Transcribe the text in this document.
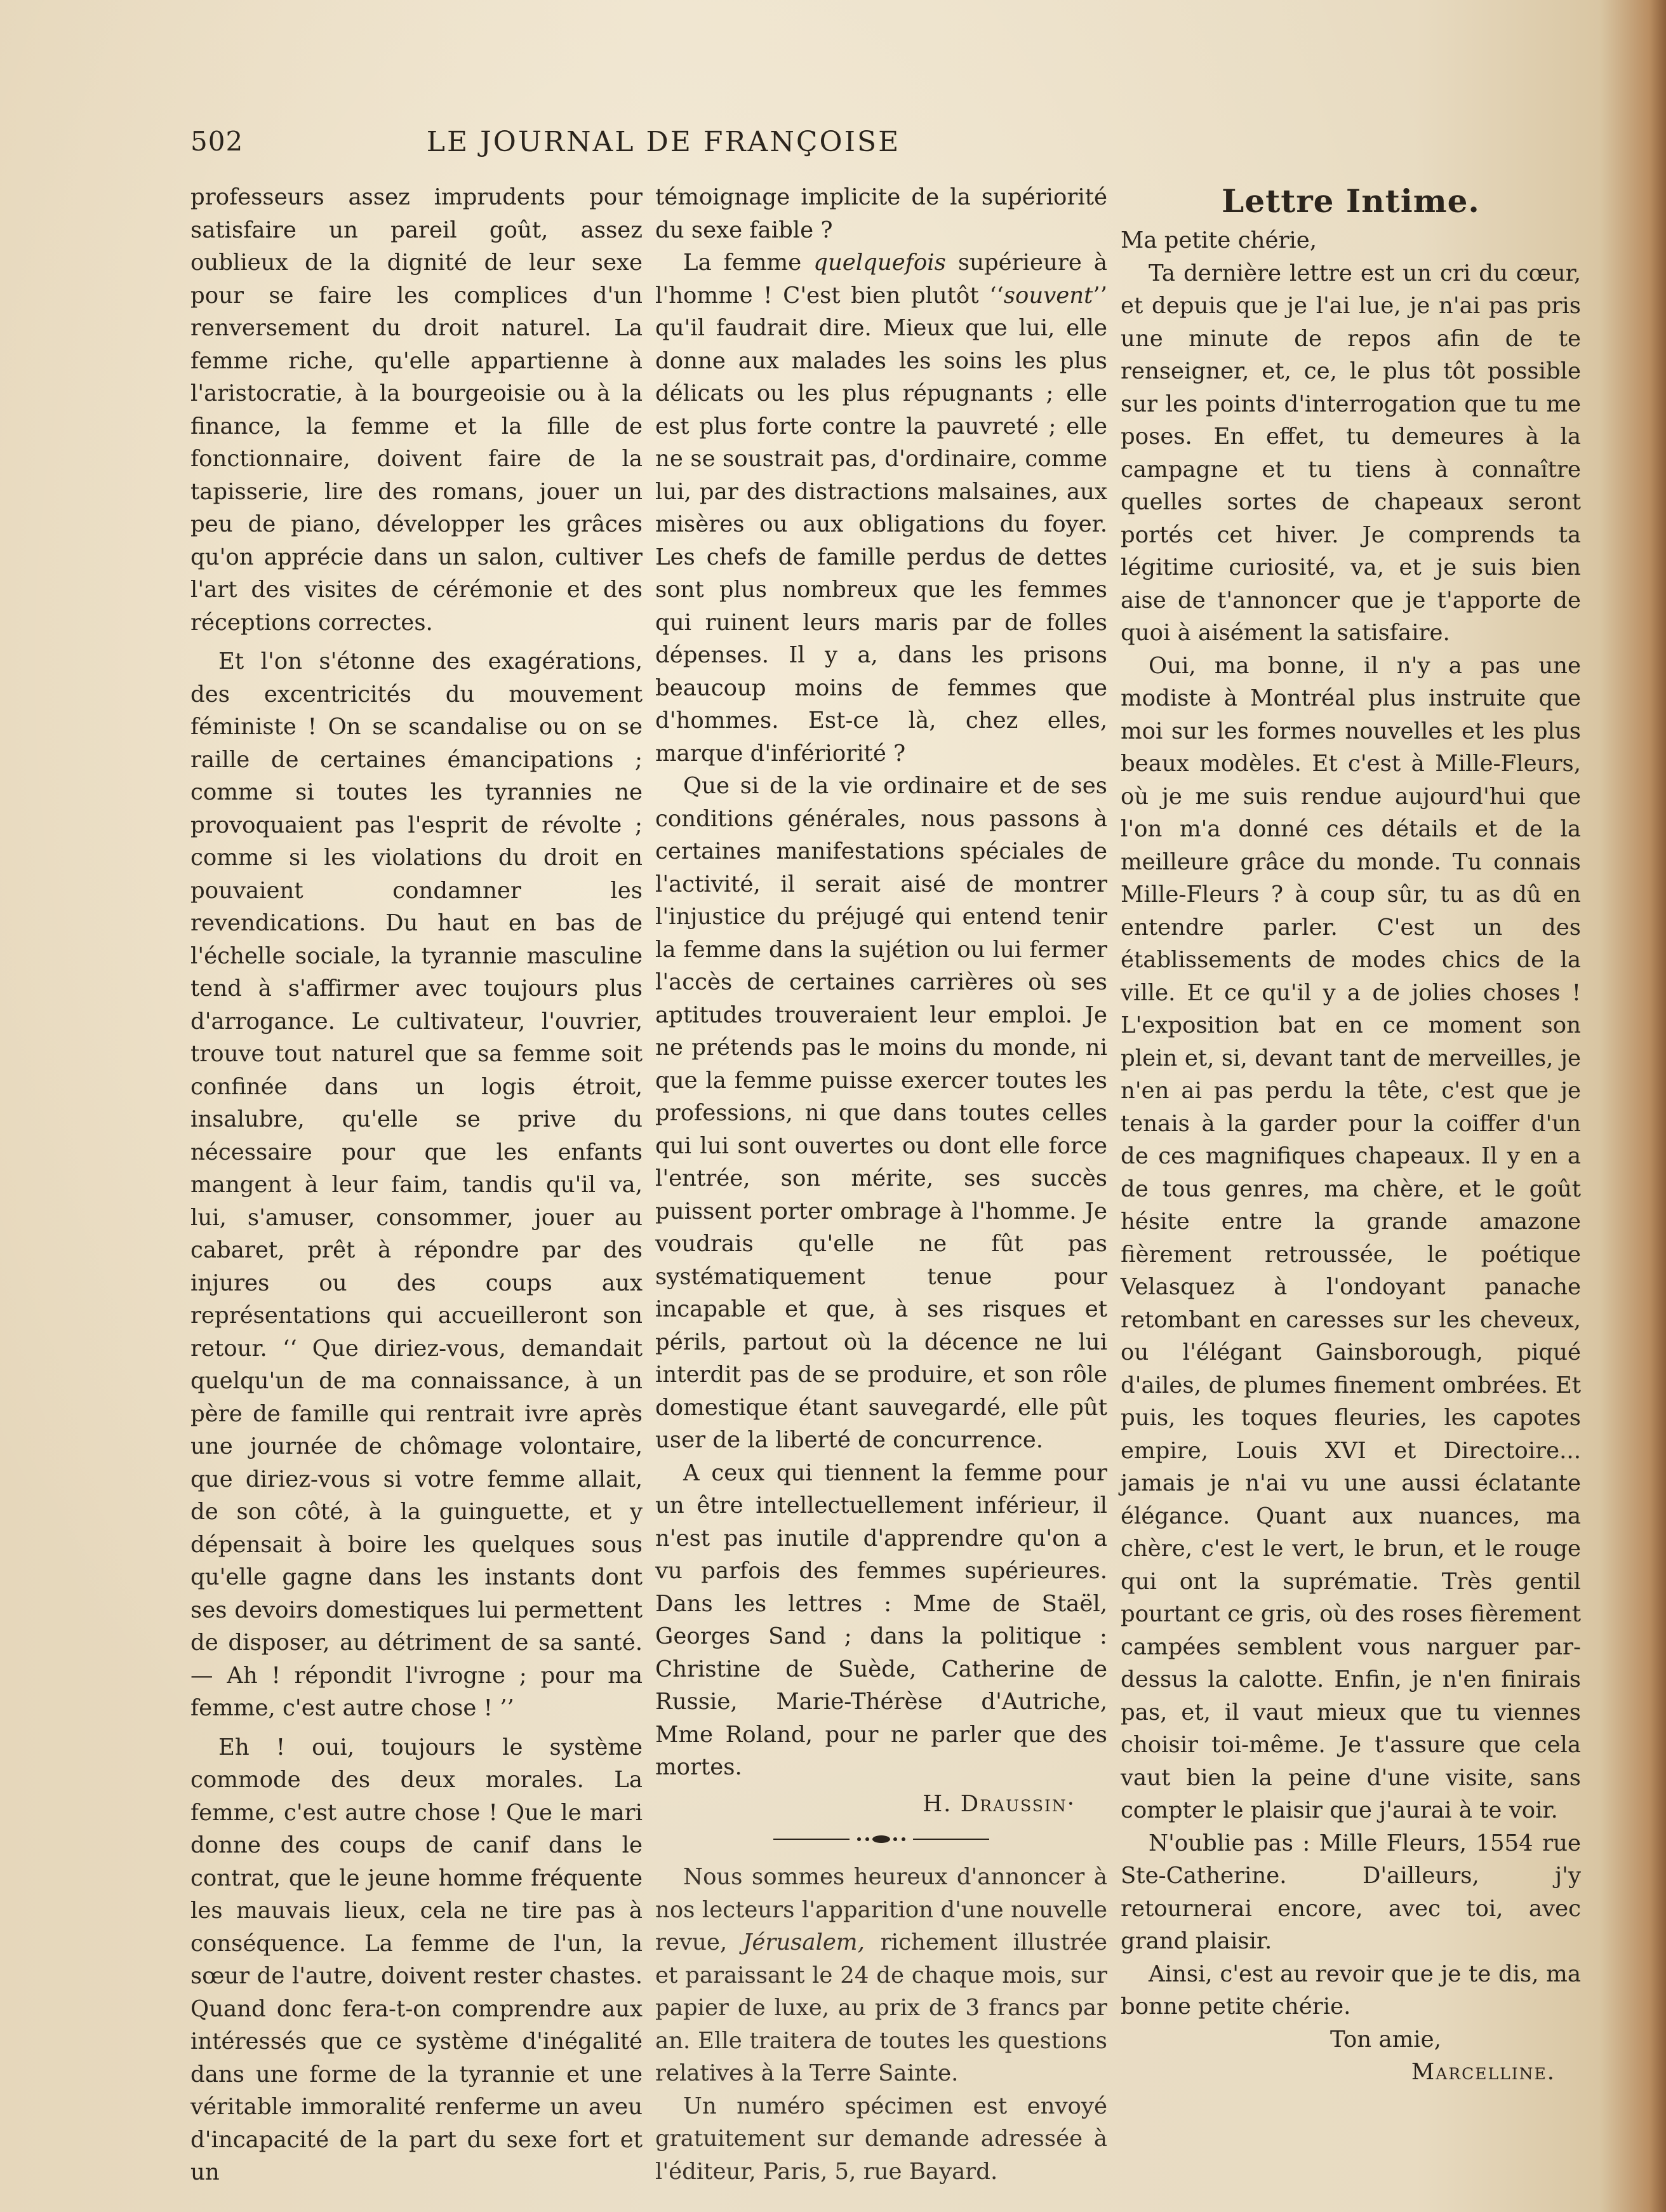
502	LE JOURNAL DE FRANÇOISE

professeurs assez imprudents pour satisfaire un pareil goût, assez oublieux de la dignité de leur sexe pour se faire les complices d'un renversement du droit naturel. La femme riche, qu'elle appartienne à l'aristocratie, à la bourgeoisie ou à la finance, la femme et la fille de fonctionnaire, doivent faire de la tapisserie, lire des romans, jouer un peu de piano, développer les grâces qu'on apprécie dans un salon, cultiver l'art des visites de cérémonie et des réceptions correctes.

Et l'on s'étonne des exagérations, des excentricités du mouvement féministe ! On se scandalise ou on se raille de certaines émancipations ; comme si toutes les tyrannies ne provoquaient pas l'esprit de révolte ; comme si les violations du droit en pouvaient condamner les revendications. Du haut en bas de l'échelle sociale, la tyrannie masculine tend à s'affirmer avec toujours plus d'arrogance. Le cultivateur, l'ouvrier, trouve tout naturel que sa femme soit confinée dans un logis étroit, insalubre, qu'elle se prive du nécessaire pour que les enfants mangent à leur faim, tandis qu'il va, lui, s'amuser, consommer, jouer au cabaret, prêt à répondre par des injures ou des coups aux représentations qui accueilleront son retour. ‘‘ Que diriez-vous, demandait quelqu'un de ma connaissance, à un père de famille qui rentrait ivre après une journée de chômage volontaire, que diriez-vous si votre femme allait, de son côté, à la guinguette, et y dépensait à boire les quelques sous qu'elle gagne dans les instants dont ses devoirs domestiques lui permettent de disposer, au détriment de sa santé. — Ah ! répondit l'ivrogne ; pour ma femme, c'est autre chose ! ’’

Eh ! oui, toujours le système commode des deux morales. La femme, c'est autre chose ! Que le mari donne des coups de canif dans le contrat, que le jeune homme fréquente les mauvais lieux, cela ne tire pas à conséquence. La femme de l'un, la sœur de l'autre, doivent rester chastes. Quand donc fera-t-on comprendre aux intéressés que ce système d'inégalité dans une forme de la tyrannie et une véritable immoralité renferme un aveu d'incapacité de la part du sexe fort et un

témoignage implicite de la supériorité du sexe faible ?

La femme quelquefois supérieure à l'homme ! C'est bien plutôt ‘‘souvent’’ qu'il faudrait dire. Mieux que lui, elle donne aux malades les soins les plus délicats ou les plus répugnants ; elle est plus forte contre la pauvreté ; elle ne se soustrait pas, d'ordinaire, comme lui, par des distractions malsaines, aux misères ou aux obligations du foyer. Les chefs de famille perdus de dettes sont plus nombreux que les femmes qui ruinent leurs maris par de folles dépenses. Il y a, dans les prisons beaucoup moins de femmes que d'hommes. Est-ce là, chez elles, marque d'infériorité ?

Que si de la vie ordinaire et de ses conditions générales, nous passons à certaines manifestations spéciales de l'activité, il serait aisé de montrer l'injustice du préjugé qui entend tenir la femme dans la sujétion ou lui fermer l'accès de certaines carrières où ses aptitudes trouveraient leur emploi. Je ne prétends pas le moins du monde, ni que la femme puisse exercer toutes les professions, ni que dans toutes celles qui lui sont ouvertes ou dont elle force l'entrée, son mérite, ses succès puissent porter ombrage à l'homme. Je voudrais qu'elle ne fût pas systématiquement tenue pour incapable et que, à ses risques et périls, partout où la décence ne lui interdit pas de se produire, et son rôle domestique étant sauvegardé, elle pût user de la liberté de concurrence.

A ceux qui tiennent la femme pour un être intellectuellement inférieur, il n'est pas inutile d'apprendre qu'on a vu parfois des femmes supérieures. Dans les lettres : Mme de Staël, Georges Sand ; dans la politique : Christine de Suède, Catherine de Russie, Marie-Thérèse d'Autriche, Mme Roland, pour ne parler que des mortes.

H. Draussin·

Nous sommes heureux d'annoncer à nos lecteurs l'apparition d'une nouvelle revue, Jérusalem, richement illustrée et paraissant le 24 de chaque mois, sur papier de luxe, au prix de 3 francs par an. Elle traitera de toutes les questions relatives à la Terre Sainte.

Un numéro spécimen est envoyé gratuitement sur demande adressée à l'éditeur, Paris, 5, rue Bayard.

Lettre Intime.

Ma petite chérie,

Ta dernière lettre est un cri du cœur, et depuis que je l'ai lue, je n'ai pas pris une minute de repos afin de te renseigner, et, ce, le plus tôt possible sur les points d'interrogation que tu me poses. En effet, tu demeures à la campagne et tu tiens à connaître quelles sortes de chapeaux seront portés cet hiver. Je comprends ta légitime curiosité, va, et je suis bien aise de t'annoncer que je t'apporte de quoi à aisément la satisfaire.

Oui, ma bonne, il n'y a pas une modiste à Montréal plus instruite que moi sur les formes nouvelles et les plus beaux modèles. Et c'est à Mille-Fleurs, où je me suis rendue aujourd'hui que l'on m'a donné ces détails et de la meilleure grâce du monde. Tu connais Mille-Fleurs ? à coup sûr, tu as dû en entendre parler. C'est un des établissements de modes chics de la ville. Et ce qu'il y a de jolies choses ! L'exposition bat en ce moment son plein et, si, devant tant de merveilles, je n'en ai pas perdu la tête, c'est que je tenais à la garder pour la coiffer d'un de ces magnifiques chapeaux. Il y en a de tous genres, ma chère, et le goût hésite entre la grande amazone fièrement retroussée, le poétique Velasquez à l'ondoyant panache retombant en caresses sur les cheveux, ou l'élégant Gainsborough, piqué d'ailes, de plumes finement ombrées. Et puis, les toques fleuries, les capotes empire, Louis XVI et Directoire... jamais je n'ai vu une aussi éclatante élégance. Quant aux nuances, ma chère, c'est le vert, le brun, et le rouge qui ont la suprématie. Très gentil pourtant ce gris, où des roses fièrement campées semblent vous narguer par-dessus la calotte. Enfin, je n'en finirais pas, et, il vaut mieux que tu viennes choisir toi-même. Je t'assure que cela vaut bien la peine d'une visite, sans compter le plaisir que j'aurai à te voir.

N'oublie pas : Mille Fleurs, 1554 rue Ste-Catherine. D'ailleurs, j'y retournerai encore, avec toi, avec grand plaisir.

Ainsi, c'est au revoir que je te dis, ma bonne petite chérie.

Ton amie,

Marcelline.
